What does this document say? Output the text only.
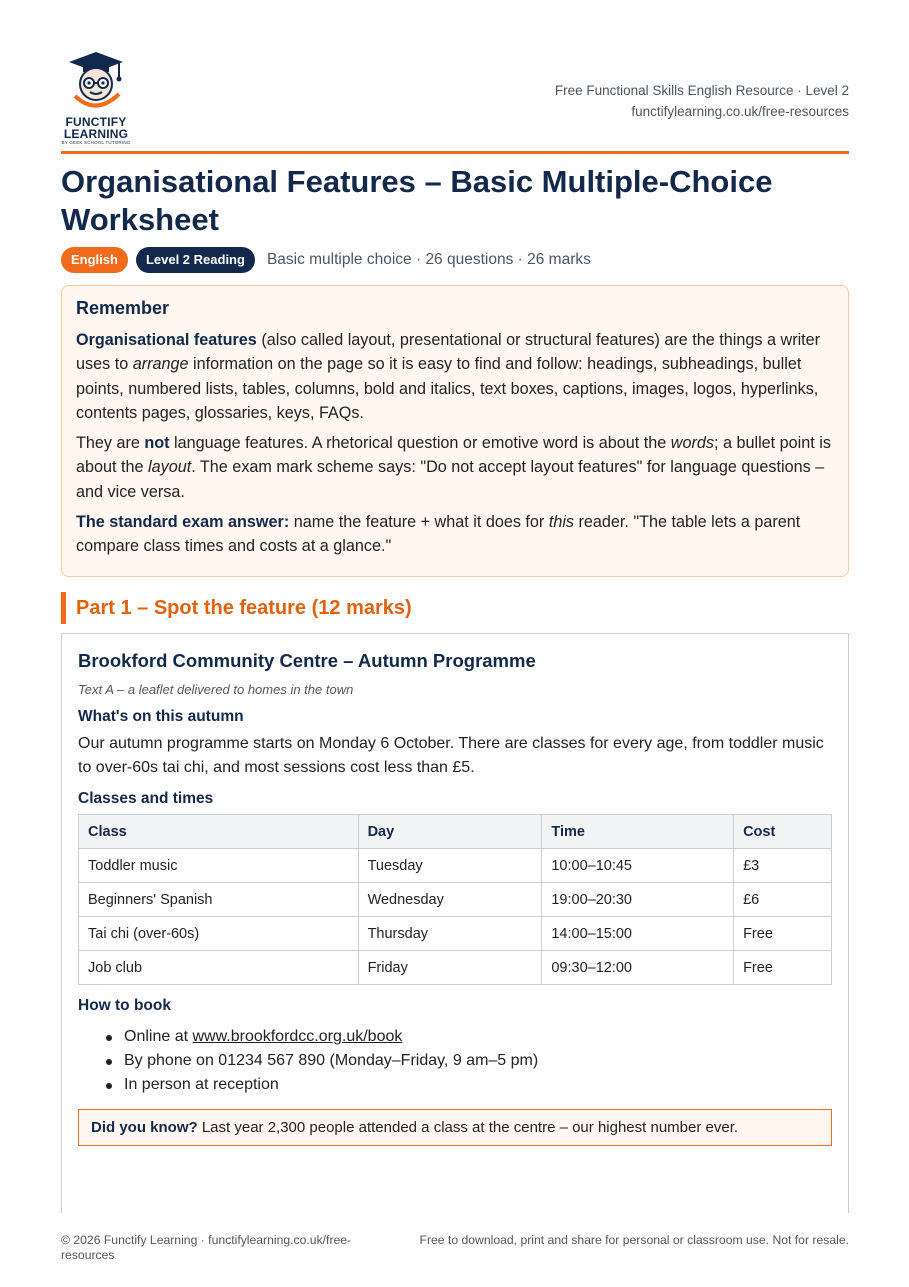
FUNCTIFY
LEARNING
BY GEEK SCHOOL TUTORING
Free Functional Skills English Resource · Level 2
functifylearning.co.uk/free-resources
Organisational Features – Basic Multiple-Choice Worksheet
English	Level 2 Reading	Basic multiple choice · 26 questions · 26 marks
Remember

Organisational features (also called layout, presentational or structural features) are the things a writer uses to arrange information on the page so it is easy to find and follow: headings, subheadings, bullet points, numbered lists, tables, columns, bold and italics, text boxes, captions, images, logos, hyperlinks, contents pages, glossaries, keys, FAQs.

They are not language features. A rhetorical question or emotive word is about the words; a bullet point is about the layout. The exam mark scheme says: "Do not accept layout features" for language questions – and vice versa.

The standard exam answer: name the feature + what it does for this reader. "The table lets a parent compare class times and costs at a glance."

Part 1 – Spot the feature (12 marks)
Brookford Community Centre – Autumn Programme
Text A – a leaflet delivered to homes in the town
What's on this autumn
Our autumn programme starts on Monday 6 October. There are classes for every age, from toddler music to over-60s tai chi, and most sessions cost less than £5.
Classes and times
Class	Day	Time	Cost
Toddler music	Tuesday	10:00–10:45	£3
Beginners' Spanish	Wednesday	19:00–20:30	£6
Tai chi (over-60s)	Thursday	14:00–15:00	Free
Job club	Friday	09:30–12:00	Free
How to book
Online at www.brookfordcc.org.uk/book
By phone on 01234 567 890 (Monday–Friday, 9 am–5 pm)
In person at reception
Did you know? Last year 2,300 people attended a class at the centre – our highest number ever.
© 2026 Functify Learning · functifylearning.co.uk/free-resources
Free to download, print and share for personal or classroom use. Not for resale.
